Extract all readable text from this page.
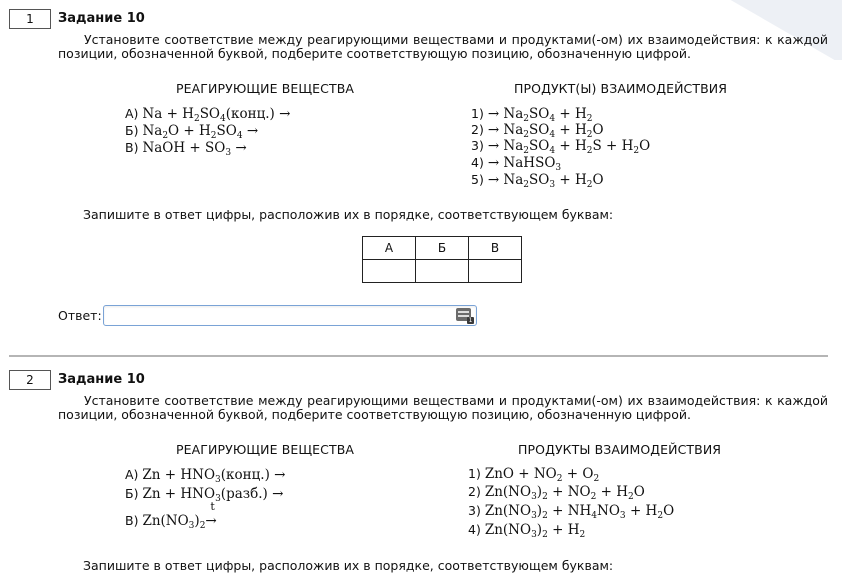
1	Задание 10
Установите соответствие между реагирующими веществами и продуктами(-ом) их взаимодействия: к каждой позиции, обозначенной буквой, подберите соответствующую позицию, обозначенную цифрой.
РЕАГИРУЮЩИЕ ВЕЩЕСТВА	ПРОДУКТ(Ы) ВЗАИМОДЕЙСТВИЯ
А) $Na + H_2SO_4(конц.)$ →
Б) $Na_2O + H_2SO_4$ →
В) NaOH + $SO_3$ →
$1) \to Na_2SO_4 + H_2$
$2) \to Na_2SO_4 + H_2O$
$3) \to Na_2SO_4 + H_2S + H_2O$
4) → NaHSO$_3$
$5) \to Na_2SO_3 + H_2O$
Запишите в ответ цифры, расположив их в порядке, соответствующем буквам:
А	Б	В

Ответ:	1
2	Задание 10
Установите соответствие между реагирующими веществами и продуктами(-ом) их взаимодействия: к каждой позиции, обозначенной буквой, подберите соответствующую позицию, обозначенную цифрой.
РЕАГИРУЮЩИЕ ВЕЩЕСТВА	ПРОДУКТЫ ВЗАИМОДЕЙСТВИЯ
А) $Zn + HNO_3(конц.)$ →
Б) $Zn + HNO_3(разб.)$ →
В) $Zn(NO_3)_2$
t
→
1) ZnO + $NO_2 + O_2$
2) $Zn(NO_3)_2 + NO_2 + H_2O$
3) $Zn(NO_3)_2 + NH_4NO_3 + H_2O$
4) $Zn(NO_3)_2 + H_2$
Запишите в ответ цифры, расположив их в порядке, соответствующем буквам:
